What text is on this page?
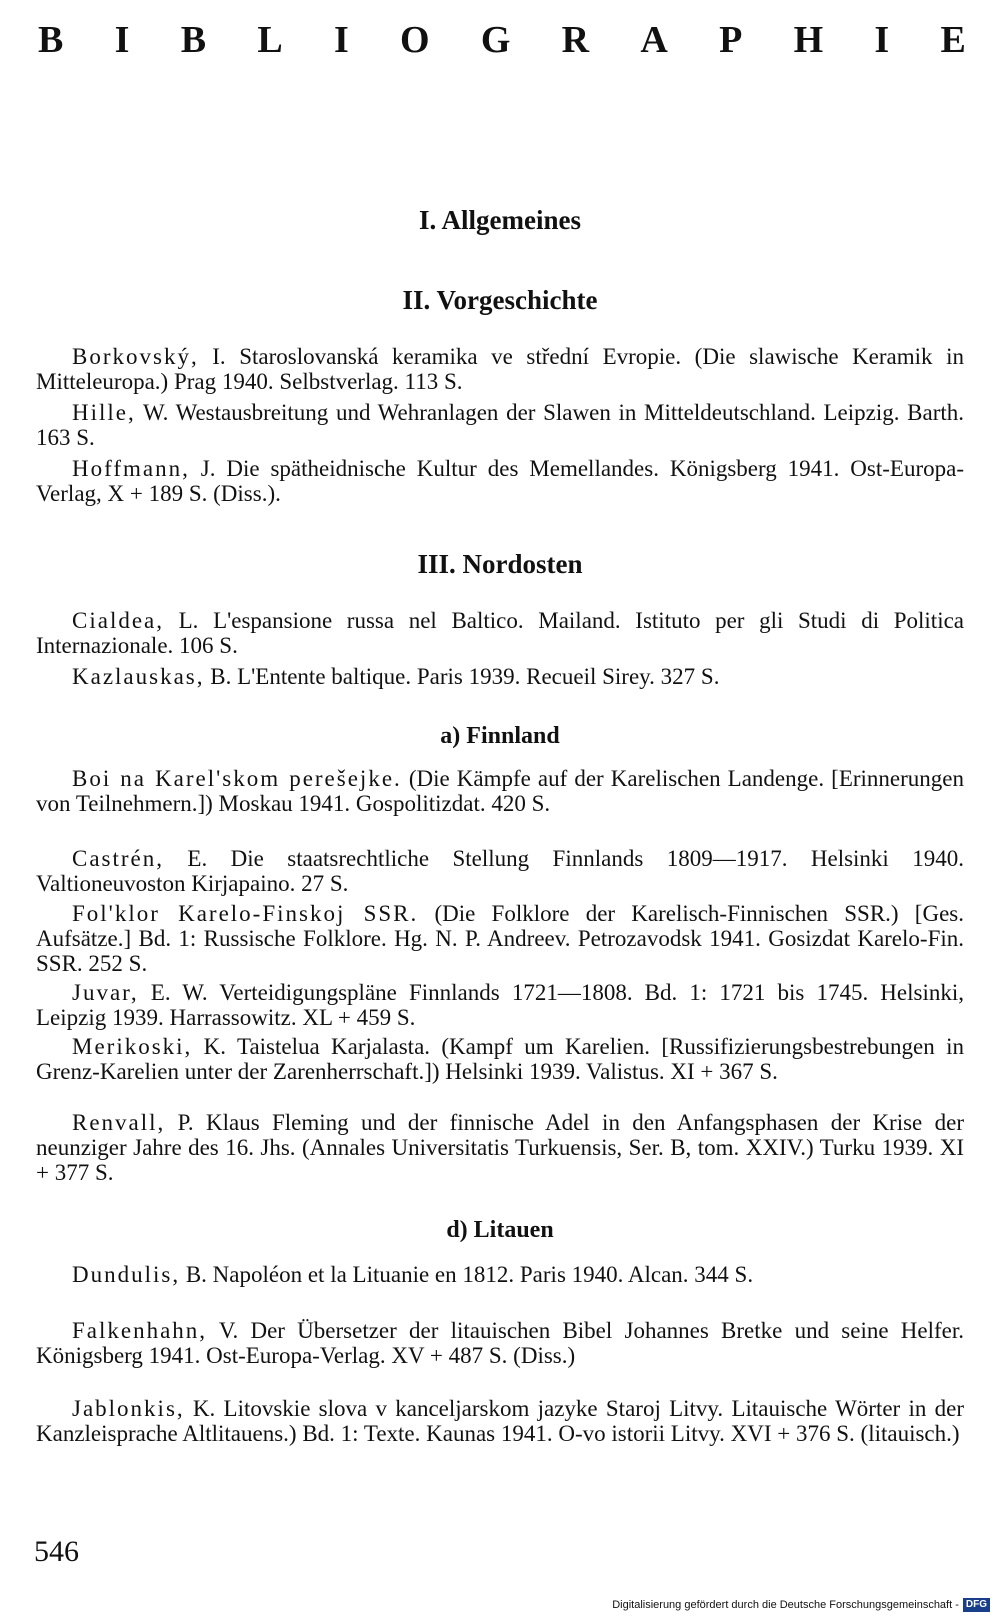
B I B L I O G R A P H I E
I. Allgemeines
II. Vorgeschichte
Borkovský, I. Staroslovanská keramika ve střední Evropie. (Die slawische Keramik in Mitteleuropa.) Prag 1940. Selbstverlag. 113 S.
Hille, W. Westausbreitung und Wehranlagen der Slawen in Mitteldeutschland. Leipzig. Barth. 163 S.
Hoffmann, J. Die spätheidnische Kultur des Memellandes. Königsberg 1941. Ost-Europa-Verlag, X + 189 S. (Diss.).
III. Nordosten
Cialdea, L. L'espansione russa nel Baltico. Mailand. Istituto per gli Studi di Politica Internazionale. 106 S.
Kazlauskas, B. L'Entente baltique. Paris 1939. Recueil Sirey. 327 S.
a) Finnland
Boi na Karel'skom perešejke. (Die Kämpfe auf der Karelischen Landenge. [Erinnerungen von Teilnehmern.]) Moskau 1941. Gospolitizdat. 420 S.
Castrén, E. Die staatsrechtliche Stellung Finnlands 1809—1917. Helsinki 1940. Valtioneuvoston Kirjapaino. 27 S.
Fol'klor Karelo-Finskoj SSR. (Die Folklore der Karelisch-Finnischen SSR.) [Ges. Aufsätze.] Bd. 1: Russische Folklore. Hg. N. P. Andreev. Petrozavodsk 1941. Gosizdat Karelo-Fin. SSR. 252 S.
Juvar, E. W. Verteidigungspläne Finnlands 1721—1808. Bd. 1: 1721 bis 1745. Helsinki, Leipzig 1939. Harrassowitz. XL + 459 S.
Merikoski, K. Taistelua Karjalasta. (Kampf um Karelien. [Russifizierungsbestrebungen in Grenz-Karelien unter der Zarenherrschaft.]) Helsinki 1939. Valistus. XI + 367 S.
Renvall, P. Klaus Fleming und der finnische Adel in den Anfangsphasen der Krise der neunziger Jahre des 16. Jhs. (Annales Universitatis Turkuensis, Ser. B, tom. XXIV.) Turku 1939. XI + 377 S.
d) Litauen
Dundulis, B. Napoléon et la Lituanie en 1812. Paris 1940. Alcan. 344 S.
Falkenhahn, V. Der Übersetzer der litauischen Bibel Johannes Bretke und seine Helfer. Königsberg 1941. Ost-Europa-Verlag. XV + 487 S. (Diss.)
Jablonkis, K. Litovskie slova v kanceljarskom jazyke Staroj Litvy. Litauische Wörter in der Kanzleisprache Altlitauens.) Bd. 1: Texte. Kaunas 1941. O-vo istorii Litvy. XVI + 376 S. (litauisch.)
546
Digitalisierung gefördert durch die Deutsche Forschungsgemeinschaft - DFG
